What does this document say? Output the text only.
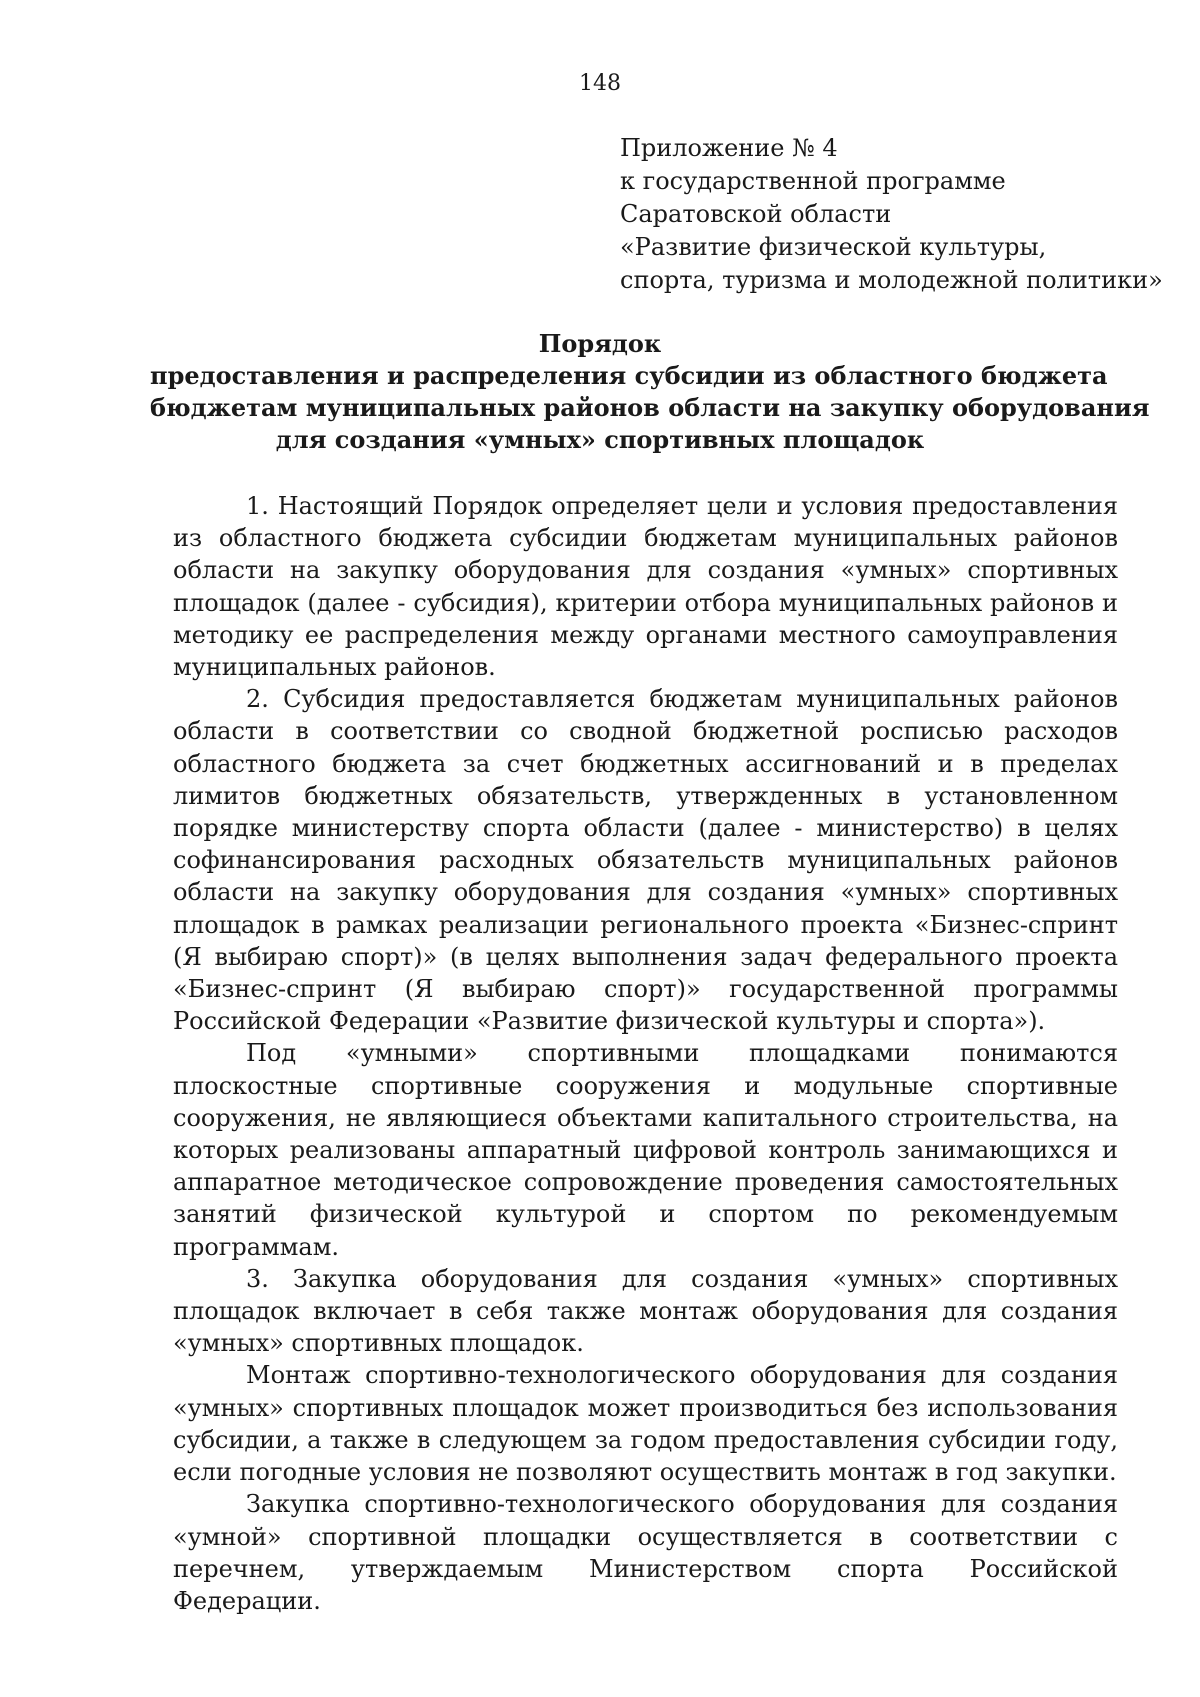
148
Приложение № 4
к государственной программе
Саратовской области
«Развитие физической культуры,
спорта, туризма и молодежной политики»
Порядок
предоставления и распределения субсидии из областного бюджета
бюджетам муниципальных районов области на закупку оборудования
для создания «умных» спортивных площадок

1. Настоящий Порядок определяет цели и условия предоставления из областного бюджета субсидии бюджетам муниципальных районов области на закупку оборудования для создания «умных» спортивных площадок (далее - субсидия), критерии отбора муниципальных районов и методику ее распределения между органами местного самоуправления муниципальных районов.

2. Субсидия предоставляется бюджетам муниципальных районов области в соответствии со сводной бюджетной росписью расходов областного бюджета за счет бюджетных ассигнований и в пределах лимитов бюджетных обязательств, утвержденных в установленном порядке министерству спорта области (далее - министерство) в целях софинансирования расходных обязательств муниципальных районов области на закупку оборудования для создания «умных» спортивных площадок в рамках реализации регионального проекта «Бизнес-спринт (Я выбираю спорт)» (в целях выполнения задач федерального проекта «Бизнес-спринт (Я выбираю спорт)» государственной программы Российской Федерации «Развитие физической культуры и спорта»).

Под «умными» спортивными площадками понимаются плоскостные спортивные сооружения и модульные спортивные сооружения, не являющиеся объектами капитального строительства, на которых реализованы аппаратный цифровой контроль занимающихся и аппаратное методическое сопровождение проведения самостоятельных занятий физической культурой и спортом по рекомендуемым программам.

3. Закупка оборудования для создания «умных» спортивных площадок включает в себя также монтаж оборудования для создания «умных» спортивных площадок.

Монтаж спортивно-технологического оборудования для создания «умных» спортивных площадок может производиться без использования субсидии, а также в следующем за годом предоставления субсидии году, если погодные условия не позволяют осуществить монтаж в год закупки.

Закупка спортивно-технологического оборудования для создания «умной» спортивной площадки осуществляется в соответствии с перечнем, утверждаемым Министерством спорта Российской Федерации.
